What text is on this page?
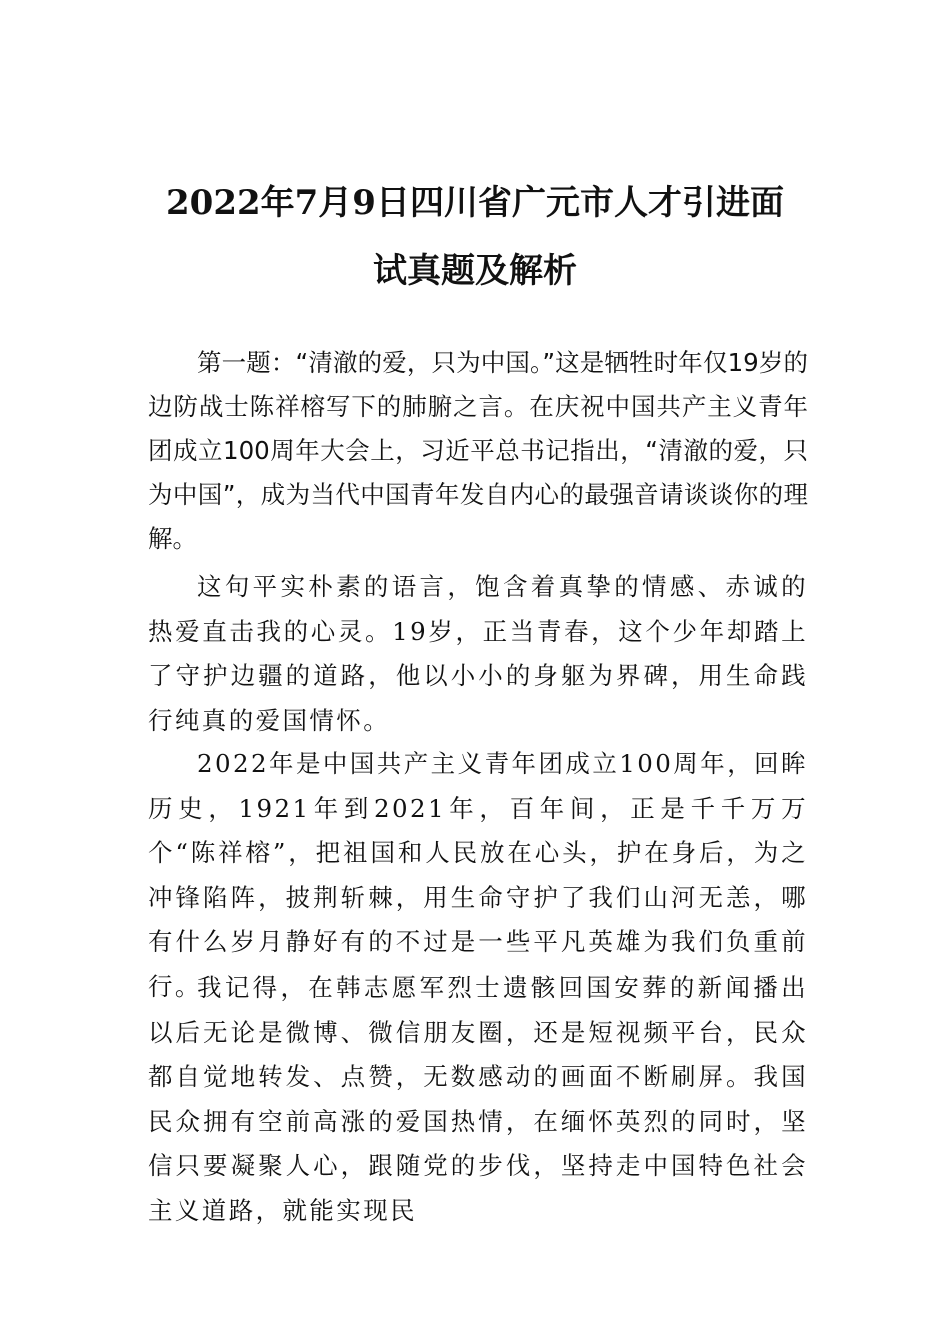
2022年7月9日四川省广元市人才引进面
试真题及解析

第一题：“清澈的爱，只为中国。”这是牺牲时年仅19岁的边防战士陈祥榕写下的肺腑之言。在庆祝中国共产主义青年团成立100周年大会上，习近平总书记指出，“清澈的爱，只为中国”，成为当代中国青年发自内心的最强音请谈谈你的理解。

这句平实朴素的语言，饱含着真挚的情感、赤诚的热爱直击我的心灵。19岁，正当青春，这个少年却踏上了守护边疆的道路，他以小小的身躯为界碑，用生命践行纯真的爱国情怀。

2022年是中国共产主义青年团成立100周年，回眸历史，1921年到2021年，百年间，正是千千万万个“陈祥榕”，把祖国和人民放在心头，护在身后，为之冲锋陷阵，披荆斩棘，用生命守护了我们山河无恙，哪有什么岁月静好有的不过是一些平凡英雄为我们负重前行。

我记得，在韩志愿军烈士遗骸回国安葬的新闻播出以后无论是微博、微信朋友圈，还是短视频平台，民众都自觉地转发、点赞，无数感动的画面不断刷屏。我国民众拥有空前高涨的爱国热情，在缅怀英烈的同时，坚信只要凝聚人心，跟随党的步伐，坚持走中国特色社会主义道路，就能实现民
